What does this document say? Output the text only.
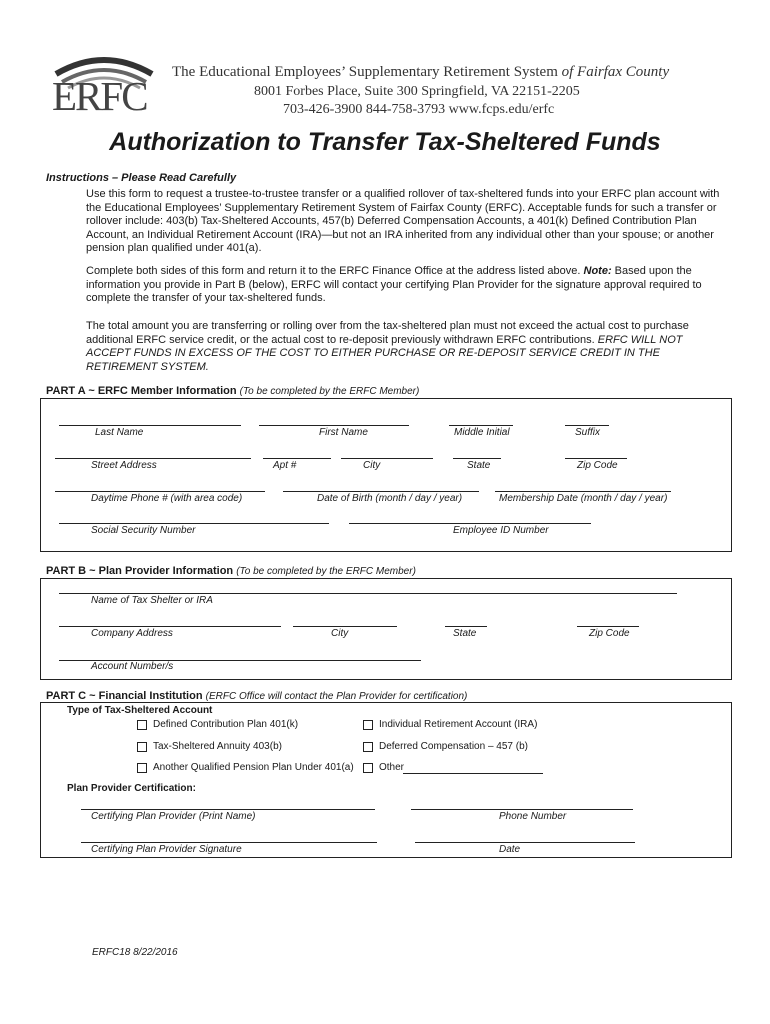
ERFC
The Educational Employees’ Supplementary Retirement System of Fairfax County
8001 Forbes Place, Suite 300 Springfield, VA 22151-2205
703-426-3900 844-758-3793 www.fcps.edu/erfc
Authorization to Transfer Tax-Sheltered Funds
Instructions – Please Read Carefully
Use this form to request a trustee-to-trustee transfer or a qualified rollover of tax-sheltered funds into your ERFC plan account with the Educational Employees’ Supplementary Retirement System of Fairfax County (ERFC). Acceptable funds for such a transfer or rollover include: 403(b) Tax-Sheltered Accounts, 457(b) Deferred Compensation Accounts, a 401(k) Defined Contribution Plan Account, an Individual Retirement Account (IRA)—but not an IRA inherited from any individual other than your spouse; or another pension plan qualified under 401(a).
Complete both sides of this form and return it to the ERFC Finance Office at the address listed above. Note: Based upon the information you provide in Part B (below), ERFC will contact your certifying Plan Provider for the signature approval required to complete the transfer of your tax-sheltered funds.
The total amount you are transferring or rolling over from the tax-sheltered plan must not exceed the actual cost to purchase additional ERFC service credit, or the actual cost to re-deposit previously withdrawn ERFC contributions. ERFC WILL NOT ACCEPT FUNDS IN EXCESS OF THE COST TO EITHER PURCHASE OR RE-DEPOSIT SERVICE CREDIT IN THE RETIREMENT SYSTEM.
PART A ~ ERFC Member Information (To be completed by the ERFC Member)
Last Name	First Name	Middle Initial	Suffix
Street Address	Apt #	City	State	Zip Code
Daytime Phone # (with area code)	Date of Birth (month / day / year)	Membership Date (month / day / year)
Social Security Number	Employee ID Number
PART B ~ Plan Provider Information (To be completed by the ERFC Member)
Name of Tax Shelter or IRA
Company Address	City	State	Zip Code
Account Number/s
PART C ~ Financial Institution (ERFC Office will contact the Plan Provider for certification)
Type of Tax-Sheltered Account
Defined Contribution Plan 401(k)	Individual Retirement Account (IRA)
Tax-Sheltered Annuity 403(b)	Deferred Compensation – 457 (b)
Another Qualified Pension Plan Under 401(a)	Other
Plan Provider Certification:
Certifying Plan Provider (Print Name)	Phone Number
Certifying Plan Provider Signature	Date
ERFC18 8/22/2016
